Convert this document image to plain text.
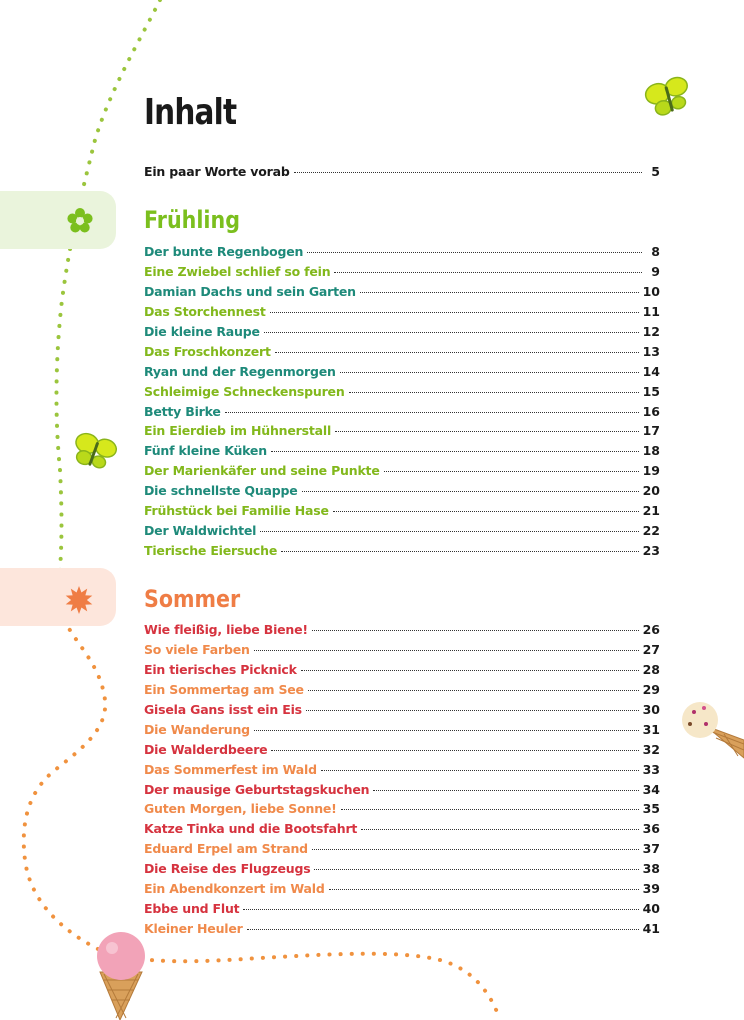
Inhalt
Ein paar Worte vorab	5
Frühling
Der bunte Regenbogen	8
Eine Zwiebel schlief so fein	9
Damian Dachs und sein Garten	10
Das Storchennest	11
Die kleine Raupe	12
Das Froschkonzert	13
Ryan und der Regenmorgen	14
Schleimige Schneckenspuren	15
Betty Birke	16
Ein Eierdieb im Hühnerstall	17
Fünf kleine Küken	18
Der Marienkäfer und seine Punkte	19
Die schnellste Quappe	20
Frühstück bei Familie Hase	21
Der Waldwichtel	22
Tierische Eiersuche	23
Sommer
Wie fleißig, liebe Biene!	26
So viele Farben	27
Ein tierisches Picknick	28
Ein Sommertag am See	29
Gisela Gans isst ein Eis	30
Die Wanderung	31
Die Walderdbeere	32
Das Sommerfest im Wald	33
Der mausige Geburtstagskuchen	34
Guten Morgen, liebe Sonne!	35
Katze Tinka und die Bootsfahrt	36
Eduard Erpel am Strand	37
Die Reise des Flugzeugs	38
Ein Abendkonzert im Wald	39
Ebbe und Flut	40
Kleiner Heuler	41
